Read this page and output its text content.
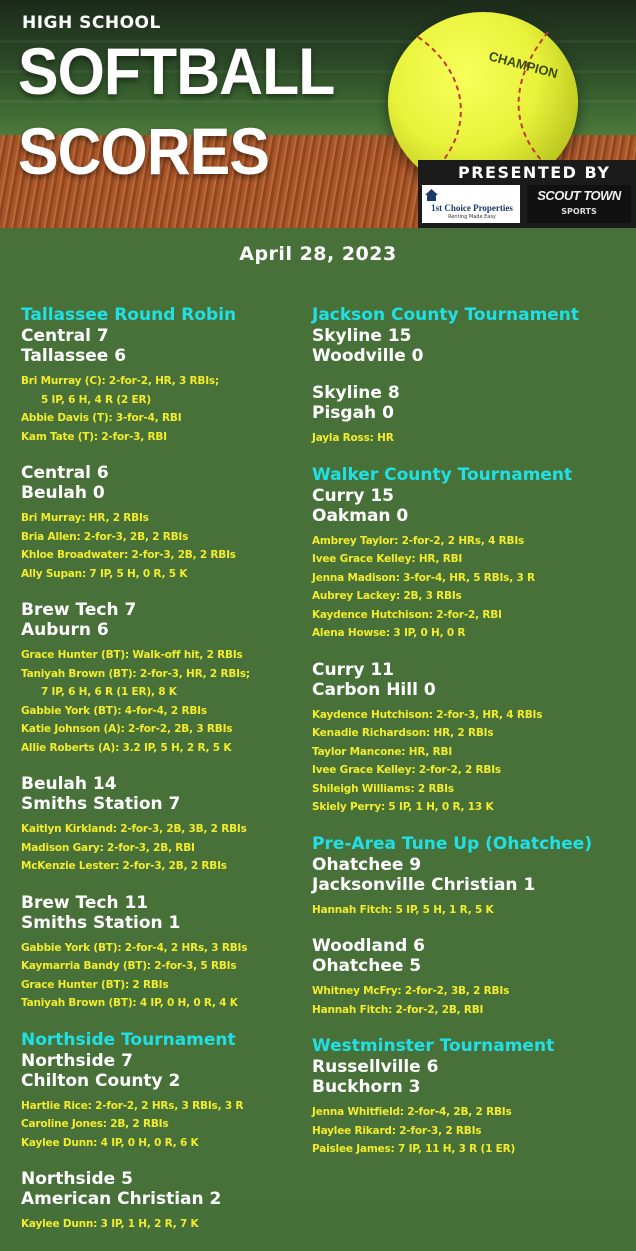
HIGH SCHOOL
SOFTBALL
SCORES
CHAMPION
PRESENTED BY
1st Choice Properties
Renting Made Easy
SCOUT TOWN
SPORTS
April 28, 2023
Tallassee Round Robin
Central 7
Tallassee 6
Bri Murray (C): 2-for-2, HR, 3 RBIs;
5 IP, 6 H, 4 R (2 ER)
Abbie Davis (T): 3-for-4, RBI
Kam Tate (T): 2-for-3, RBI
Central 6
Beulah 0
Bri Murray: HR, 2 RBIs
Bria Allen: 2-for-3, 2B, 2 RBIs
Khloe Broadwater: 2-for-3, 2B, 2 RBIs
Ally Supan: 7 IP, 5 H, 0 R, 5 K
Brew Tech 7
Auburn 6
Grace Hunter (BT): Walk-off hit, 2 RBIs
Taniyah Brown (BT): 2-for-3, HR, 2 RBIs;
7 IP, 6 H, 6 R (1 ER), 8 K
Gabbie York (BT): 4-for-4, 2 RBIs
Katie Johnson (A): 2-for-2, 2B, 3 RBIs
Allie Roberts (A): 3.2 IP, 5 H, 2 R, 5 K
Beulah 14
Smiths Station 7
Kaitlyn Kirkland: 2-for-3, 2B, 3B, 2 RBIs
Madison Gary: 2-for-3, 2B, RBI
McKenzie Lester: 2-for-3, 2B, 2 RBIs
Brew Tech 11
Smiths Station 1
Gabbie York (BT): 2-for-4, 2 HRs, 3 RBIs
Kaymarria Bandy (BT): 2-for-3, 5 RBIs
Grace Hunter (BT): 2 RBIs
Taniyah Brown (BT): 4 IP, 0 H, 0 R, 4 K
Northside Tournament
Northside 7
Chilton County 2
Hartlie Rice: 2-for-2, 2 HRs, 3 RBIs, 3 R
Caroline Jones: 2B, 2 RBIs
Kaylee Dunn: 4 IP, 0 H, 0 R, 6 K
Northside 5
American Christian 2
Kaylee Dunn: 3 IP, 1 H, 2 R, 7 K
Jackson County Tournament
Skyline 15
Woodville 0
Skyline 8
Pisgah 0
Jayla Ross: HR
Walker County Tournament
Curry 15
Oakman 0
Ambrey Taylor: 2-for-2, 2 HRs, 4 RBIs
Ivee Grace Kelley: HR, RBI
Jenna Madison: 3-for-4, HR, 5 RBIs, 3 R
Aubrey Lackey: 2B, 3 RBIs
Kaydence Hutchison: 2-for-2, RBI
Alena Howse: 3 IP, 0 H, 0 R
Curry 11
Carbon Hill 0
Kaydence Hutchison: 2-for-3, HR, 4 RBIs
Kenadie Richardson: HR, 2 RBIs
Taylor Mancone: HR, RBI
Ivee Grace Kelley: 2-for-2, 2 RBIs
Shileigh Williams: 2 RBIs
Skiely Perry: 5 IP, 1 H, 0 R, 13 K
Pre-Area Tune Up (Ohatchee)
Ohatchee 9
Jacksonville Christian 1
Hannah Fitch: 5 IP, 5 H, 1 R, 5 K
Woodland 6
Ohatchee 5
Whitney McFry: 2-for-2, 3B, 2 RBIs
Hannah Fitch: 2-for-2, 2B, RBI
Westminster Tournament
Russellville 6
Buckhorn 3
Jenna Whitfield: 2-for-4, 2B, 2 RBIs
Haylee Rikard: 2-for-3, 2 RBIs
Paislee James: 7 IP, 11 H, 3 R (1 ER)
